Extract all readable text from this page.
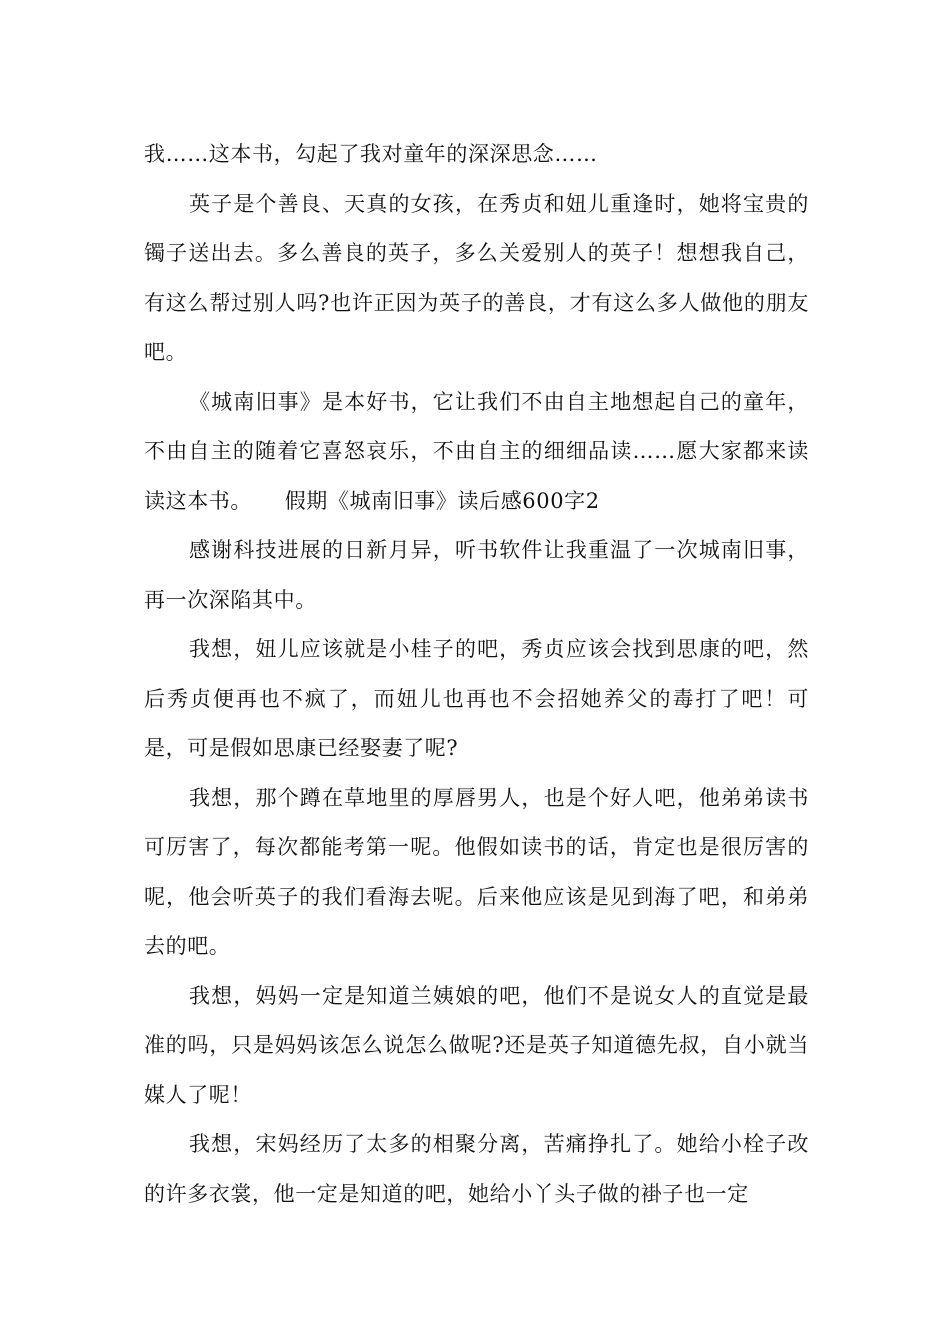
我……这本书，勾起了我对童年的深深思念……

英子是个善良、天真的女孩，在秀贞和妞儿重逢时，她将宝贵的镯子送出去。多么善良的英子，多么关爱别人的英子！想想我自己，有这么帮过别人吗?也许正因为英子的善良，才有这么多人做他的朋友吧。

《城南旧事》是本好书，它让我们不由自主地想起自己的童年，不由自主的随着它喜怒哀乐，不由自主的细细品读……愿大家都来读读这本书。　　假期《城南旧事》读后感600字2

感谢科技进展的日新月异，听书软件让我重温了一次城南旧事，再一次深陷其中。

我想，妞儿应该就是小桂子的吧，秀贞应该会找到思康的吧，然后秀贞便再也不疯了，而妞儿也再也不会招她养父的毒打了吧！可是，可是假如思康已经娶妻了呢?

我想，那个蹲在草地里的厚唇男人，也是个好人吧，他弟弟读书可厉害了，每次都能考第一呢。他假如读书的话，肯定也是很厉害的呢，他会听英子的我们看海去呢。后来他应该是见到海了吧，和弟弟去的吧。

我想，妈妈一定是知道兰姨娘的吧，他们不是说女人的直觉是最准的吗，只是妈妈该怎么说怎么做呢?还是英子知道德先叔，自小就当媒人了呢！

我想，宋妈经历了太多的相聚分离，苦痛挣扎了。她给小栓子改的许多衣裳，他一定是知道的吧，她给小丫头子做的褂子也一定
